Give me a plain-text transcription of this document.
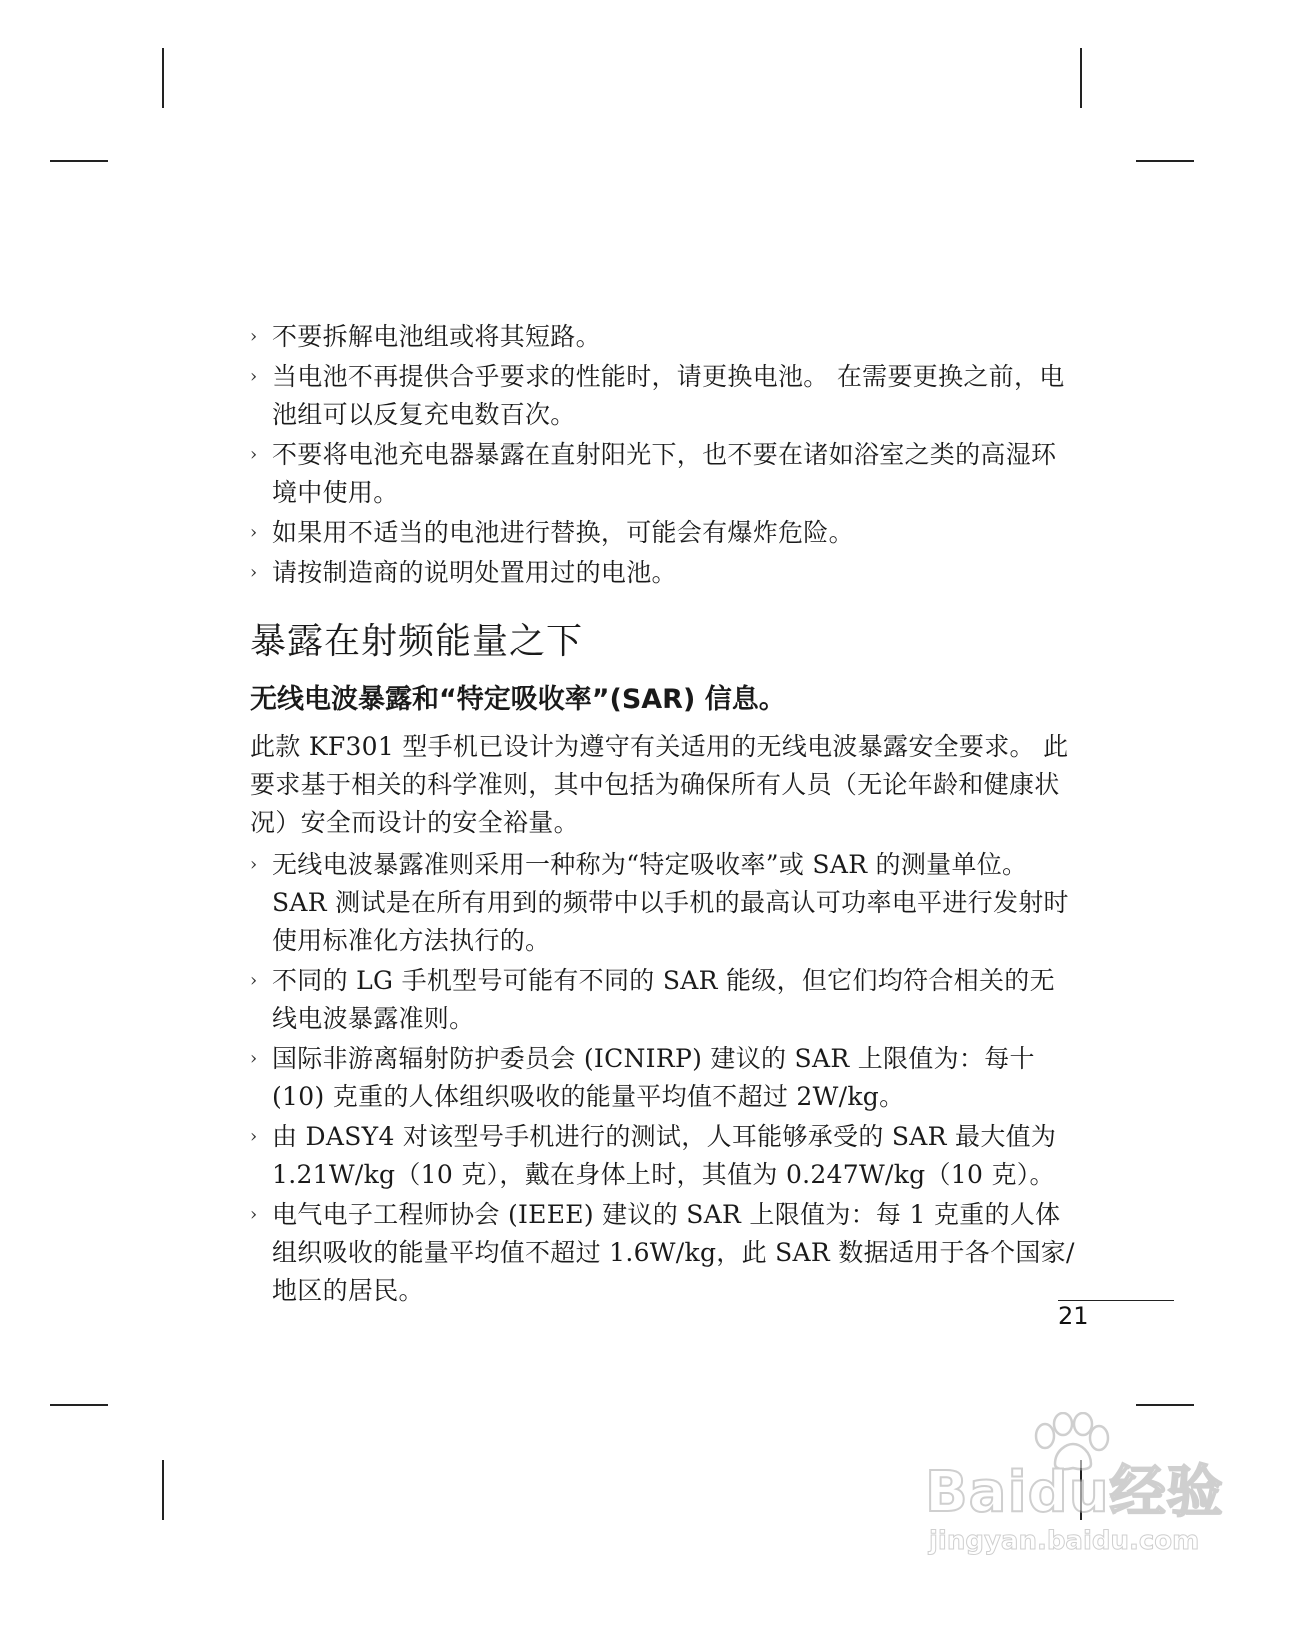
› 不要拆解电池组或将其短路。
› 当电池不再提供合乎要求的性能时，请更换电池。 在需要更换之前，电池组可以反复充电数百次。
› 不要将电池充电器暴露在直射阳光下，也不要在诸如浴室之类的高湿环境中使用。
› 如果用不适当的电池进行替换，可能会有爆炸危险。
› 请按制造商的说明处置用过的电池。
暴露在射频能量之下
无线电波暴露和“特定吸收率”(SAR) 信息。

此款 KF301 型手机已设计为遵守有关适用的无线电波暴露安全要求。 此要求基于相关的科学准则，其中包括为确保所有人员（无论年龄和健康状况）安全而设计的安全裕量。

› 无线电波暴露准则采用一种称为“特定吸收率”或 SAR 的测量单位。 SAR 测试是在所有用到的频带中以手机的最高认可功率电平进行发射时使用标准化方法执行的。
› 不同的 LG 手机型号可能有不同的 SAR 能级，但它们均符合相关的无线电波暴露准则。
› 国际非游离辐射防护委员会 (ICNIRP) 建议的 SAR 上限值为：每十 (10) 克重的人体组织吸收的能量平均值不超过 2W/kg。
› 由 DASY4 对该型号手机进行的测试，人耳能够承受的 SAR 最大值为 1.21W/kg（10 克），戴在身体上时，其值为 0.247W/kg（10 克）。
› 电气电子工程师协会 (IEEE) 建议的 SAR 上限值为：每 1 克重的人体组织吸收的能量平均值不超过 1.6W/kg，此 SAR 数据适用于各个国家/地区的居民。
21
Baidu经验
jingyan.baidu.com
